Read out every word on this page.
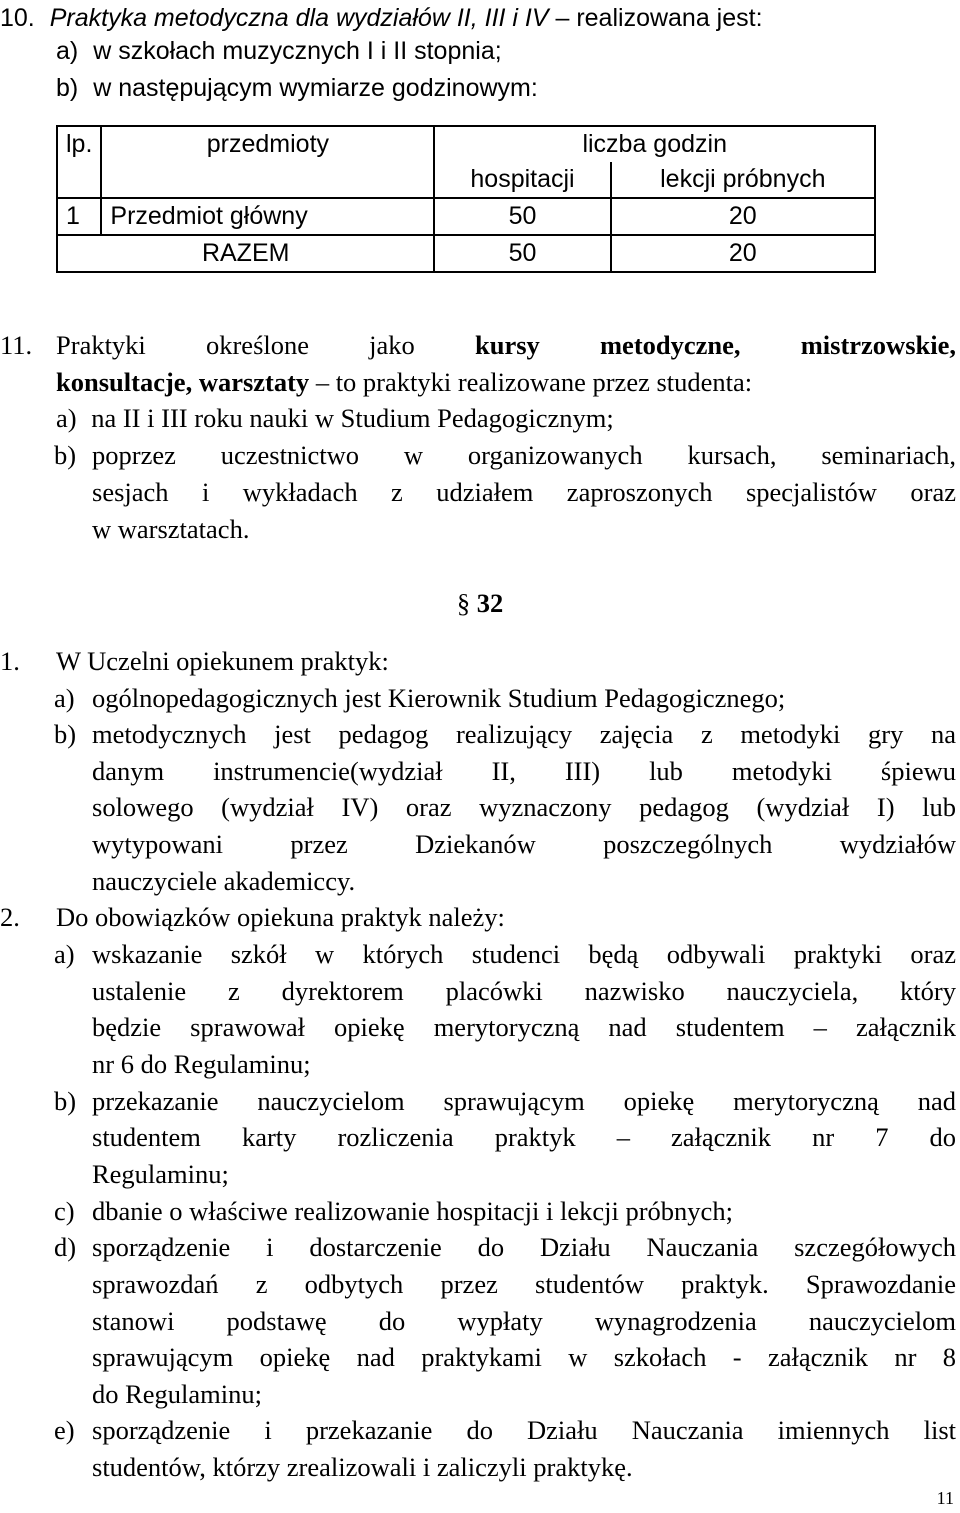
10. Praktyka metodyczna dla wydziałów II, III i IV – realizowana jest:
a) w szkołach muzycznych I i II stopnia;
b) w następującym wymiarze godzinowym:
lp.	przedmioty	liczba godzin	
		hospitacji	lekcji próbnych
1	Przedmiot główny	50	20
RAZEM		50	20
11. Praktyki określone jako kursy metodyczne, mistrzowskie,
konsultacje, warsztaty – to praktyki realizowane przez studenta:
a) na II i III roku nauki w Studium Pedagogicznym;
b) poprzez uczestnictwo w organizowanych kursach, seminariach,
sesjach i wykładach z udziałem zaproszonych specjalistów oraz
w warsztatach.
§ 32
1. W Uczelni opiekunem praktyk:
a) ogólnopedagogicznych jest Kierownik Studium Pedagogicznego;
b) metodycznych jest pedagog realizujący zajęcia z metodyki gry na
danym instrumencie(wydział II, III) lub metodyki śpiewu
solowego (wydział IV) oraz wyznaczony pedagog (wydział I) lub
wytypowani przez Dziekanów poszczególnych wydziałów
nauczyciele akademiccy.
2. Do obowiązków opiekuna praktyk należy:
a) wskazanie szkół w których studenci będą odbywali praktyki oraz
ustalenie z dyrektorem placówki nazwisko nauczyciela, który
będzie sprawował opiekę merytoryczną nad studentem – załącznik
nr 6 do Regulaminu;
b) przekazanie nauczycielom sprawującym opiekę merytoryczną nad
studentem karty rozliczenia praktyk – załącznik nr 7 do
Regulaminu;
c) dbanie o właściwe realizowanie hospitacji i lekcji próbnych;
d) sporządzenie i dostarczenie do Działu Nauczania szczegółowych
sprawozdań z odbytych przez studentów praktyk. Sprawozdanie
stanowi podstawę do wypłaty wynagrodzenia nauczycielom
sprawującym opiekę nad praktykami w szkołach - załącznik nr 8
do Regulaminu;
e) sporządzenie i przekazanie do Działu Nauczania imiennych list
studentów, którzy zrealizowali i zaliczyli praktykę.
11
